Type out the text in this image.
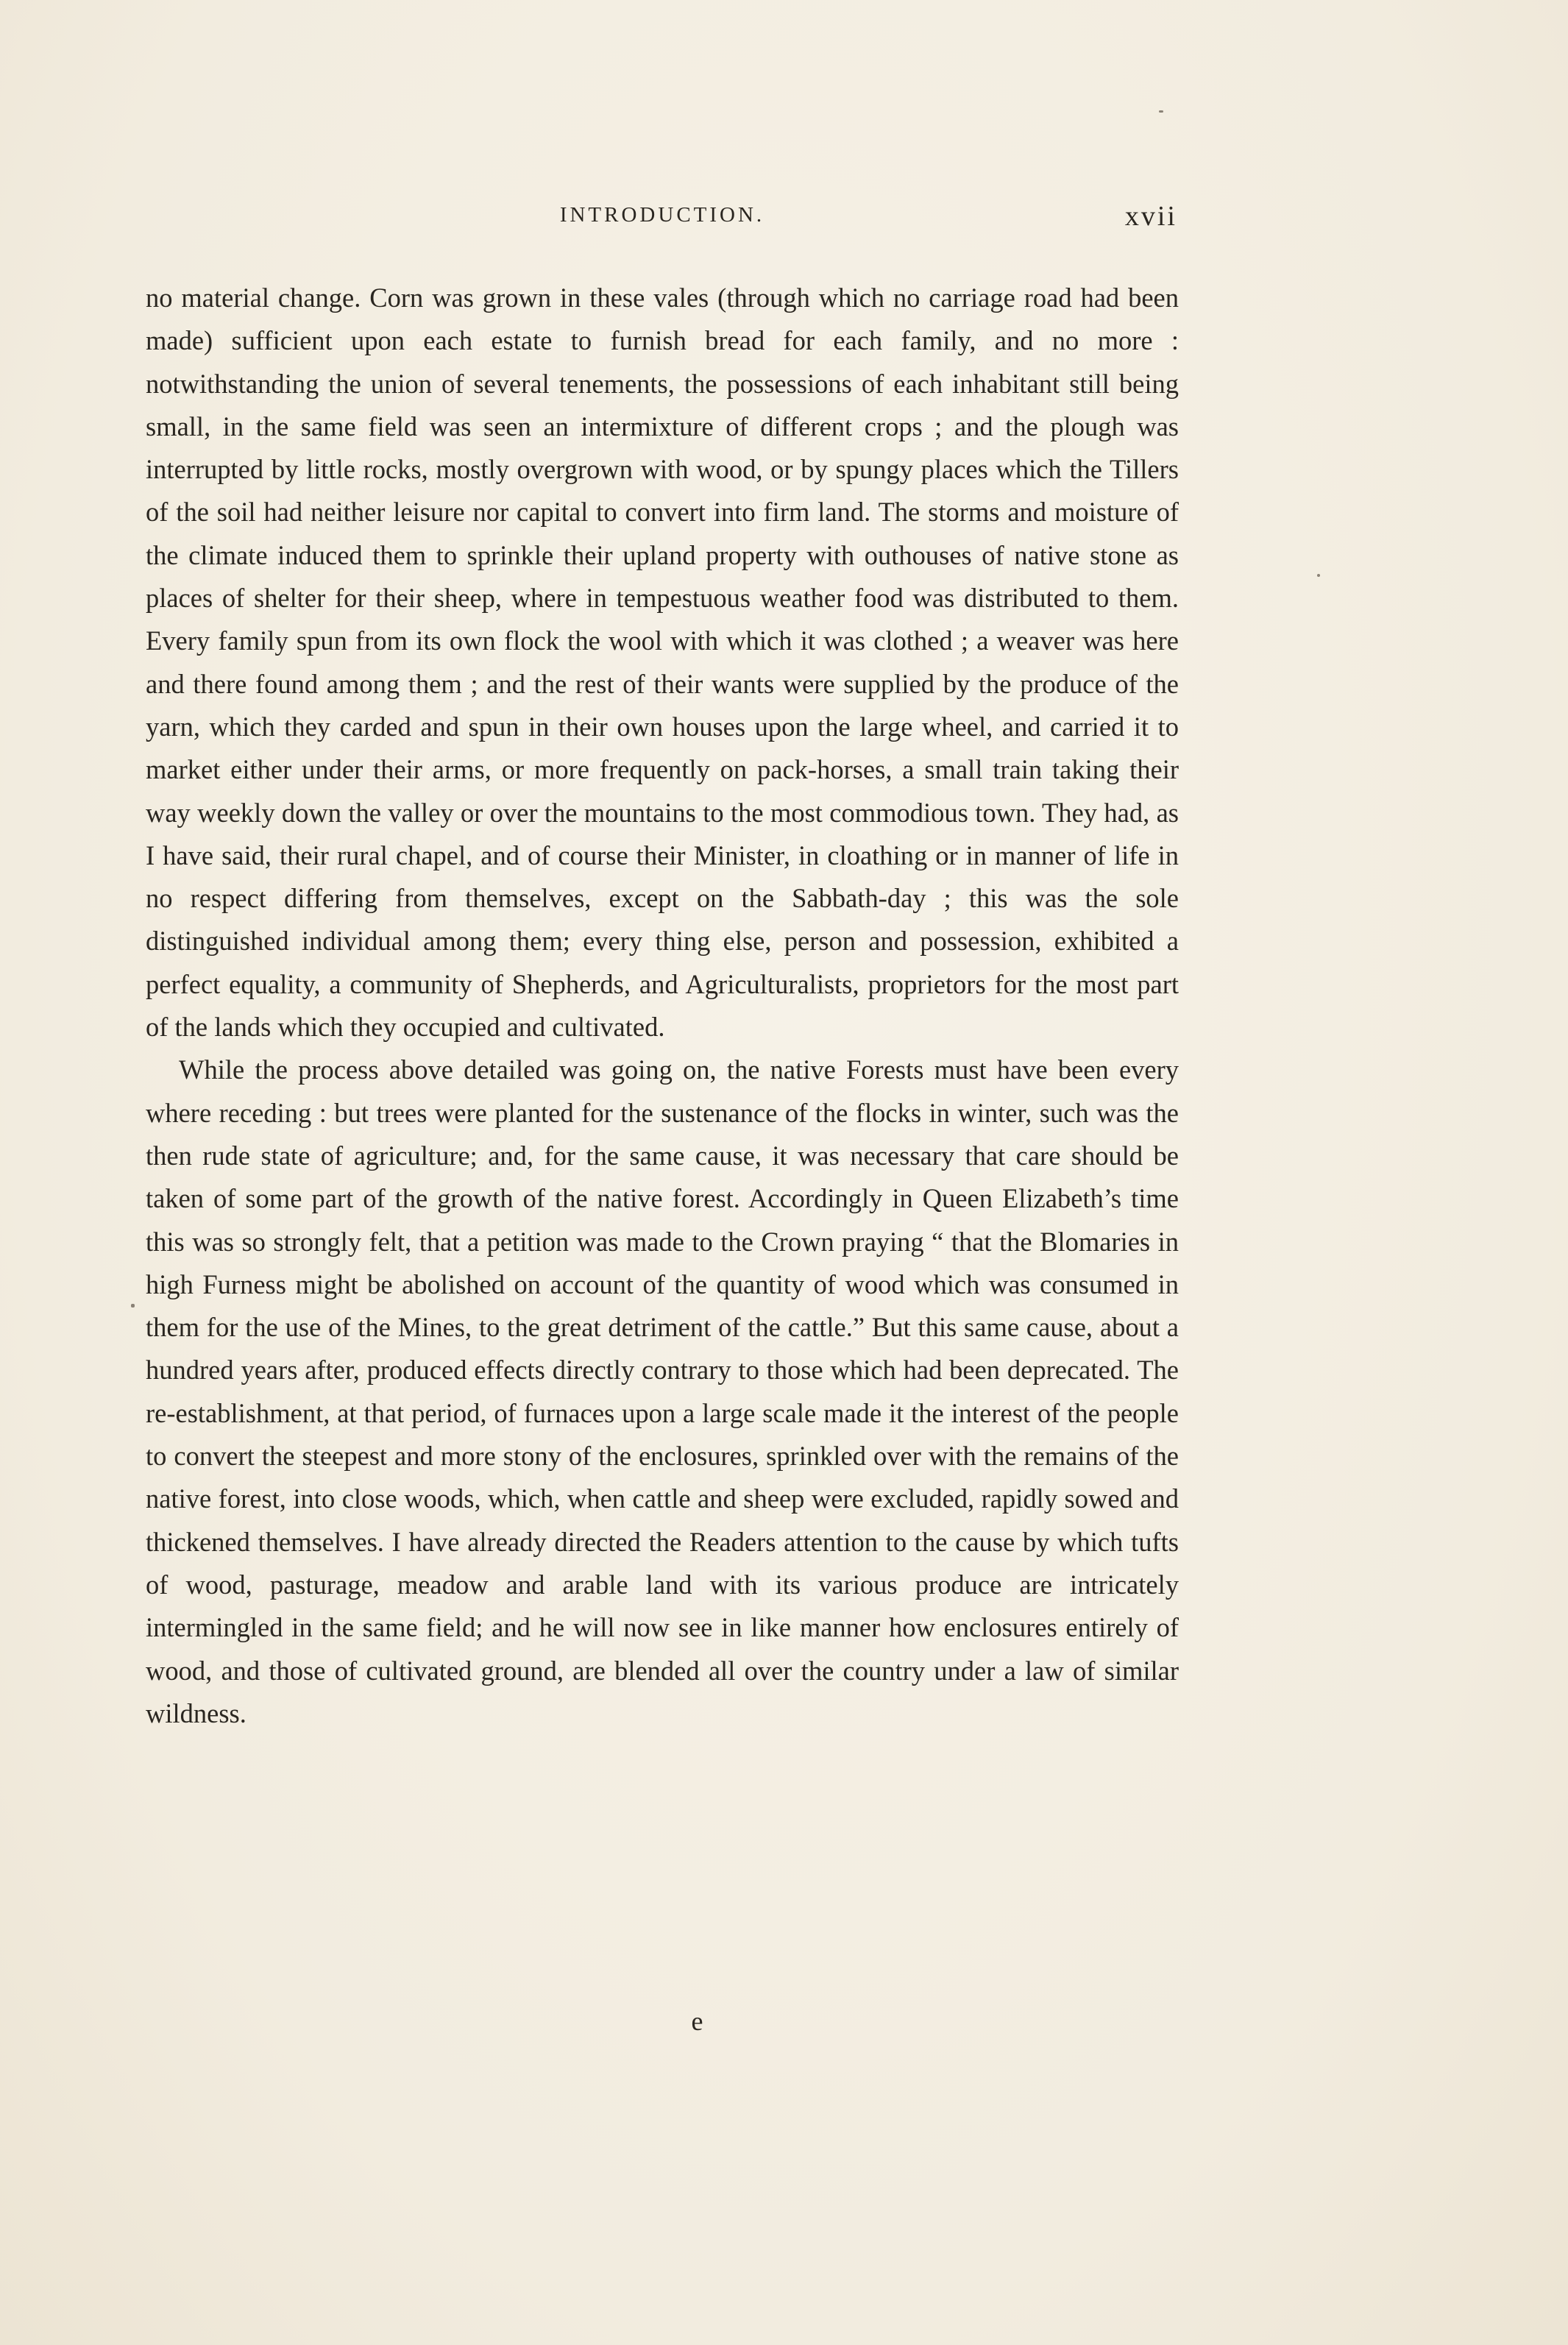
INTRODUCTION.	xvii

no material change. Corn was grown in these vales (through which no carriage road had been made) sufficient upon each estate to furnish bread for each family, and no more : notwithstanding the union of several tenements, the possessions of each inhabitant still being small, in the same field was seen an intermixture of different crops ; and the plough was interrupted by little rocks, mostly overgrown with wood, or by spungy places which the Tillers of the soil had neither leisure nor capital to convert into firm land. The storms and moisture of the climate induced them to sprinkle their upland property with outhouses of native stone as places of shelter for their sheep, where in tempestuous weather food was distributed to them. Every family spun from its own flock the wool with which it was clothed ; a weaver was here and there found among them ; and the rest of their wants were supplied by the produce of the yarn, which they carded and spun in their own houses upon the large wheel, and carried it to market either under their arms, or more frequently on pack-horses, a small train taking their way weekly down the valley or over the mountains to the most commodious town. They had, as I have said, their rural chapel, and of course their Minister, in cloathing or in manner of life in no respect differing from themselves, except on the Sabbath-day ; this was the sole distinguished individual among them; every thing else, person and possession, exhibited a perfect equality, a community of Shepherds, and Agriculturalists, proprietors for the most part of the lands which they occupied and cultivated.

While the process above detailed was going on, the native Forests must have been every where receding : but trees were planted for the sustenance of the flocks in winter, such was the then rude state of agriculture; and, for the same cause, it was necessary that care should be taken of some part of the growth of the native forest. Accordingly in Queen Elizabeth’s time this was so strongly felt, that a petition was made to the Crown praying “ that the Blomaries in high Furness might be abolished on account of the quantity of wood which was consumed in them for the use of the Mines, to the great detriment of the cattle.” But this same cause, about a hundred years after, produced effects directly contrary to those which had been deprecated. The re-establishment, at that period, of furnaces upon a large scale made it the interest of the people to convert the steepest and more stony of the enclosures, sprinkled over with the remains of the native forest, into close woods, which, when cattle and sheep were excluded, rapidly sowed and thickened themselves. I have already directed the Readers attention to the cause by which tufts of wood, pasturage, meadow and arable land with its various produce are intricately intermingled in the same field; and he will now see in like manner how enclosures entirely of wood, and those of cultivated ground, are blended all over the country under a law of similar wildness.

e
